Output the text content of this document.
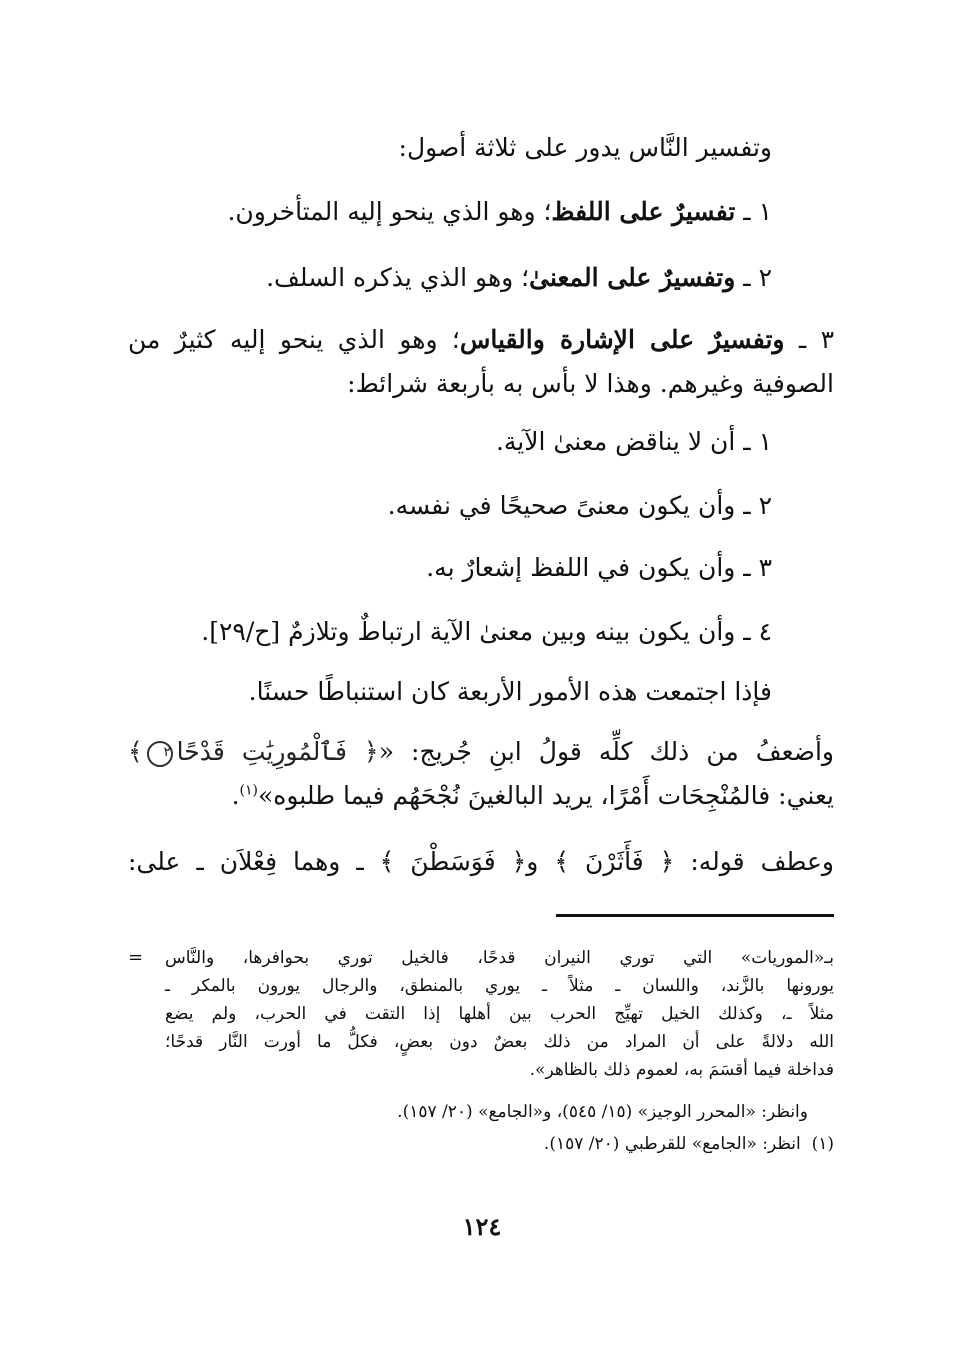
وتفسير النَّاس يدور على ثلاثة أصول:
١ ـ تفسيرٌ على اللفظ؛ وهو الذي ينحو إليه المتأخرون.
٢ ـ وتفسيرٌ على المعنىٰ؛ وهو الذي يذكره السلف.
٣ ـ وتفسيرٌ على الإشارة والقياس؛ وهو الذي ينحو إليه كثيرٌ من
الصوفية وغيرهم. وهذا لا بأس به بأربعة شرائط:
١ ـ أن لا يناقض معنىٰ الآية.
٢ ـ وأن يكون معنىً صحيحًا في نفسه.
٣ ـ وأن يكون في اللفظ إشعارٌ به.
٤ ـ وأن يكون بينه وبين معنىٰ الآية ارتباطٌ وتلازمٌ [ح/٢٩].
فإذا اجتمعت هذه الأمور الأربعة كان استنباطًا حسنًا.
وأضعفُ من ذلك كلِّه قولُ ابنِ جُريج: «﴿ فَٱلْمُورِيَٰتِ قَدْحًا٢﴾
يعني: فالمُنْجِحَات أَمْرًا، يريد البالغينَ نُجْحَهُم فيما طلبوه»$^{(١)}$.
وعطف قوله: ﴿ فَأَثَرْنَ ﴾ و﴿ فَوَسَطْنَ ﴾ ـ وهما فِعْلاَن ـ على:
= بـ«الموريات» التي توري النيران قدحًا، فالخيل توري بحوافرها، والنَّاس
يورونها بالزَّند، واللسان ـ مثلاً ـ يوري بالمنطق، والرجال يورون بالمكر ـ
مثلاً ـ، وكذلك الخيل تهيِّج الحرب بين أهلها إذا التقت في الحرب، ولم يضع
الله دلالةً على أن المراد من ذلك بعضٌ دون بعضٍ، فكلُّ ما أورت النَّار قدحًا؛
فداخلة فيما أقسَمَ به، لعموم ذلك بالظاهر».
وانظر: «المحرر الوجيز» (١٥/ ٥٤٥)، و«الجامع» (٢٠/ ١٥٧).
(١)  انظر: «الجامع» للقرطبي (٢٠/ ١٥٧).
١٢٤
